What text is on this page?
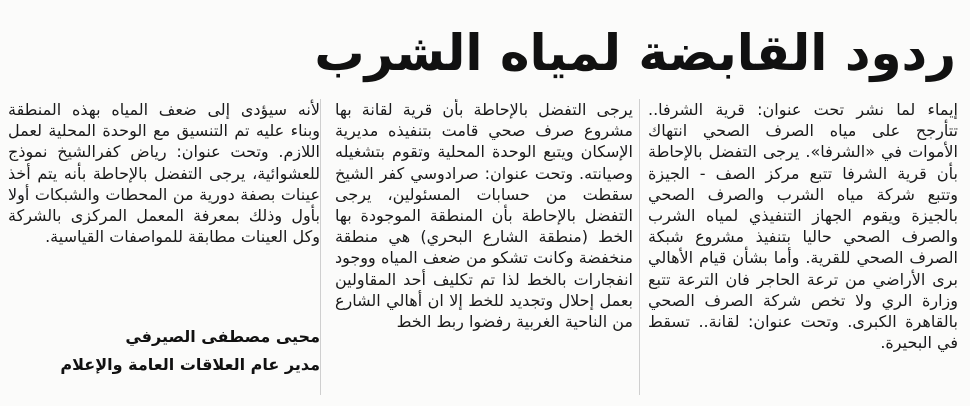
ردود القابضة لمياه الشرب

إيماء لما نشر تحت عنوان: قرية الشرفا.. تتأرجح على مياه الصرف الصحي انتهاك الأموات في «الشرفا». يرجى التفضل بالإحاطة بأن قرية الشرفا تتبع مركز الصف - الجيزة وتتبع شركة مياه الشرب والصرف الصحي بالجيزة ويقوم الجهاز التنفيذي لمياه الشرب والصرف الصحي حاليا بتنفيذ مشروع شبكة الصرف الصحي للقرية. وأما بشأن قيام الأهالي برى الأراضي من ترعة الحاجر فان الترعة تتبع وزارة الري ولا تخص شركة الصرف الصحي بالقاهرة الكبرى. وتحت عنوان: لقانة.. تسقط في البحيرة.

يرجى التفضل بالإحاطة بأن قرية لقانة بها مشروع صرف صحي قامت بتنفيذه مديرية الإسكان ويتبع الوحدة المحلية وتقوم بتشغيله وصيانته. وتحت عنوان: صرادوسي كفر الشيخ سقطت من حسابات المسئولين، يرجى التفضل بالإحاطة بأن المنطقة الموجودة بها الخط (منطقة الشارع البحري) هي منطقة منخفضة وكانت تشكو من ضعف المياه ووجود انفجارات بالخط لذا تم تكليف أحد المقاولين بعمل إحلال وتجديد للخط إلا ان أهالي الشارع من الناحية الغربية رفضوا ربط الخط

لأنه سيؤدى إلى ضعف المياه بهذه المنطقة وبناء عليه تم التنسيق مع الوحدة المحلية لعمل اللازم. وتحت عنوان: رياض كفرالشيخ نموذج للعشوائية، يرجى التفضل بالإحاطة بأنه يتم أخذ عينات بصفة دورية من المحطات والشبكات أولا بأول وذلك بمعرفة المعمل المركزى بالشركة وكل العينات مطابقة للمواصفات القياسية.

محيى مصطفى الصيرفي

مدير عام العلاقات العامة والإعلام
